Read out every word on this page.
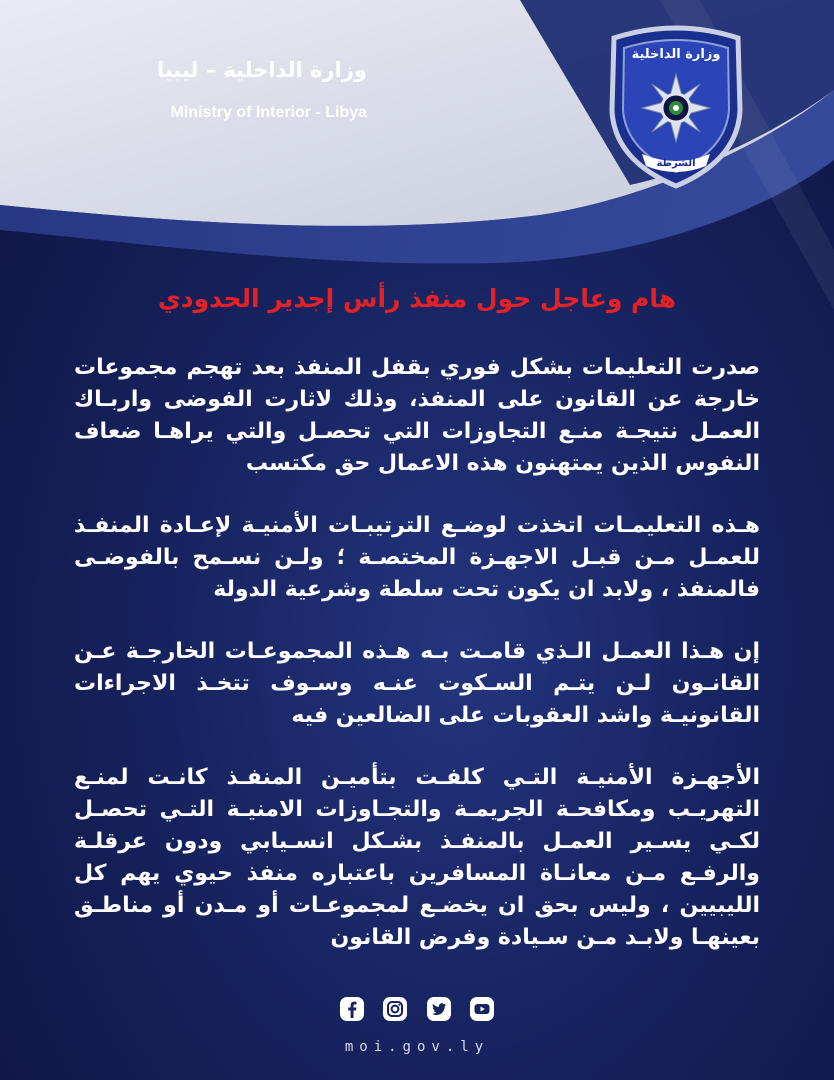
وزارة الداخلية – ليبيا
Ministry of Interior - Libya
وزارة الداخلية
الشرطة
هام وعاجل حول منفذ رأس إجدير الحدودي

صدرت التعليمات بشكل فوري بقفل المنفذ بعد تهجم مجموعات خارجة عن القانون على المنفذ، وذلك لاثارت الفوضى واربـاك العمـل نتيجـة منـع التجاوزات التي تحصـل والتي يراهـا ضعاف النفوس الذين يمتهنون هذه الاعمال حق مكتسب

هـذه التعليمـات اتخذت لوضـع الترتيبـات الأمنيـة لإعـادة المنفـذ للعمـل مـن قبـل الاجهـزة المختصـة ؛ ولـن نسـمح بالفوضـى فالمنفذ ، ولابد ان يكون تحت سلطة وشرعية الدولة

إن هـذا العمـل الـذي قامـت بـه هـذه المجموعـات الخارجـة عـن القانـون لـن يتـم السـكوت عنـه وسـوف تتخـذ الاجراءات القانونيـة واشد العقوبات على الضالعين فيه

الأجهـزة الأمنيـة التـي كلفـت بتأميـن المنفـذ كانـت لمنـع التهريـب ومكافحـة الجريمـة والتجـاوزات الامنيـة التـي تحصـل لكـي يسـير العمـل بالمنفـذ بشـكل انسـيابي ودون عرقلـة والرفـع مـن معانـاة المسافرين باعتباره منفذ حيوي يهم كل الليبيين ، وليس بحق ان يخضـع لمجموعـات أو مـدن أو مناطـق بعينهـا ولابـد مـن سـيادة وفرض القانون

moi.gov.ly
